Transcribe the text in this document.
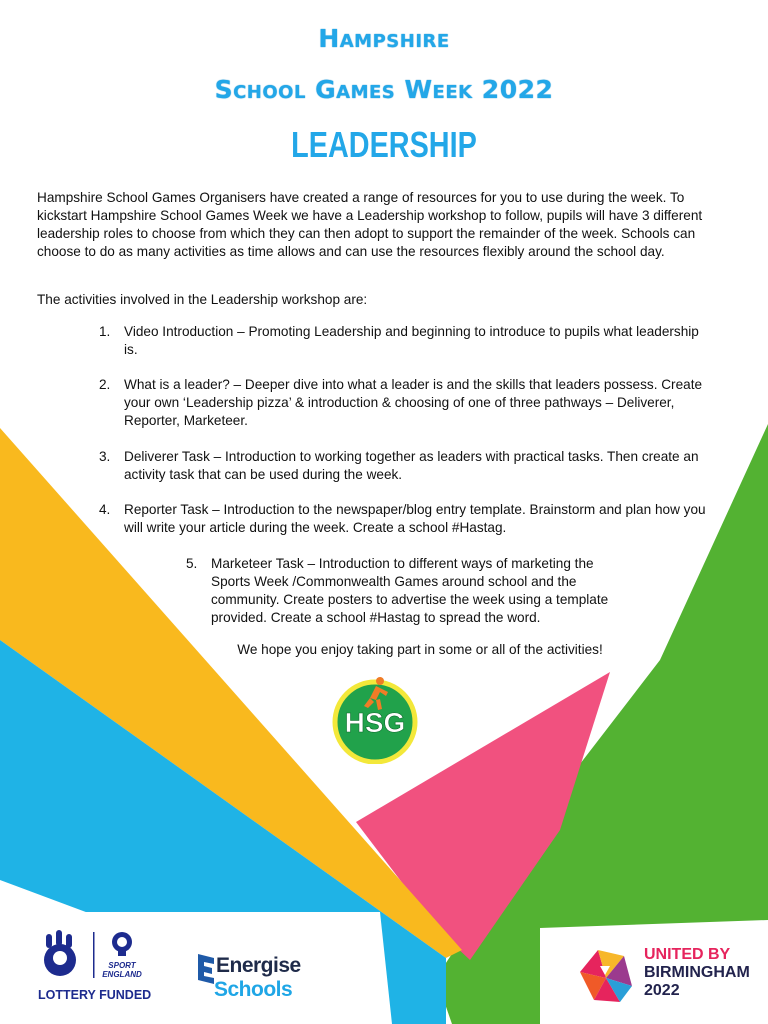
Hampshire
School Games Week 2022
LEADERSHIP
Hampshire School Games Organisers have created a range of resources for you to use during the week. To kickstart Hampshire School Games Week we have a Leadership workshop to follow, pupils will have 3 different leadership roles to choose from which they can then adopt to support the remainder of the week. Schools can choose to do as many activities as time allows and can use the resources flexibly around the school day.
The activities involved in the Leadership workshop are:
1. Video Introduction – Promoting Leadership and beginning to introduce to pupils what leadership is.
2. What is a leader? – Deeper dive into what a leader is and the skills that leaders possess. Create your own ‘Leadership pizza’ & introduction & choosing of one of three pathways – Deliverer, Reporter, Marketeer.
3. Deliverer Task – Introduction to working together as leaders with practical tasks. Then create an activity task that can be used during the week.
4. Reporter Task – Introduction to the newspaper/blog entry template. Brainstorm and plan how you will write your article during the week. Create a school #Hastag.
5. Marketeer Task – Introduction to different ways of marketing the Sports Week /Commonwealth Games around school and the community. Create posters to advertise the week using a template provided. Create a school #Hastag to spread the word.
We hope you enjoy taking part in some or all of the activities!
HSG
SPORT
ENGLAND
LOTTERY FUNDED
Energise
Schools
UNITED BY
BIRMINGHAM
2022
